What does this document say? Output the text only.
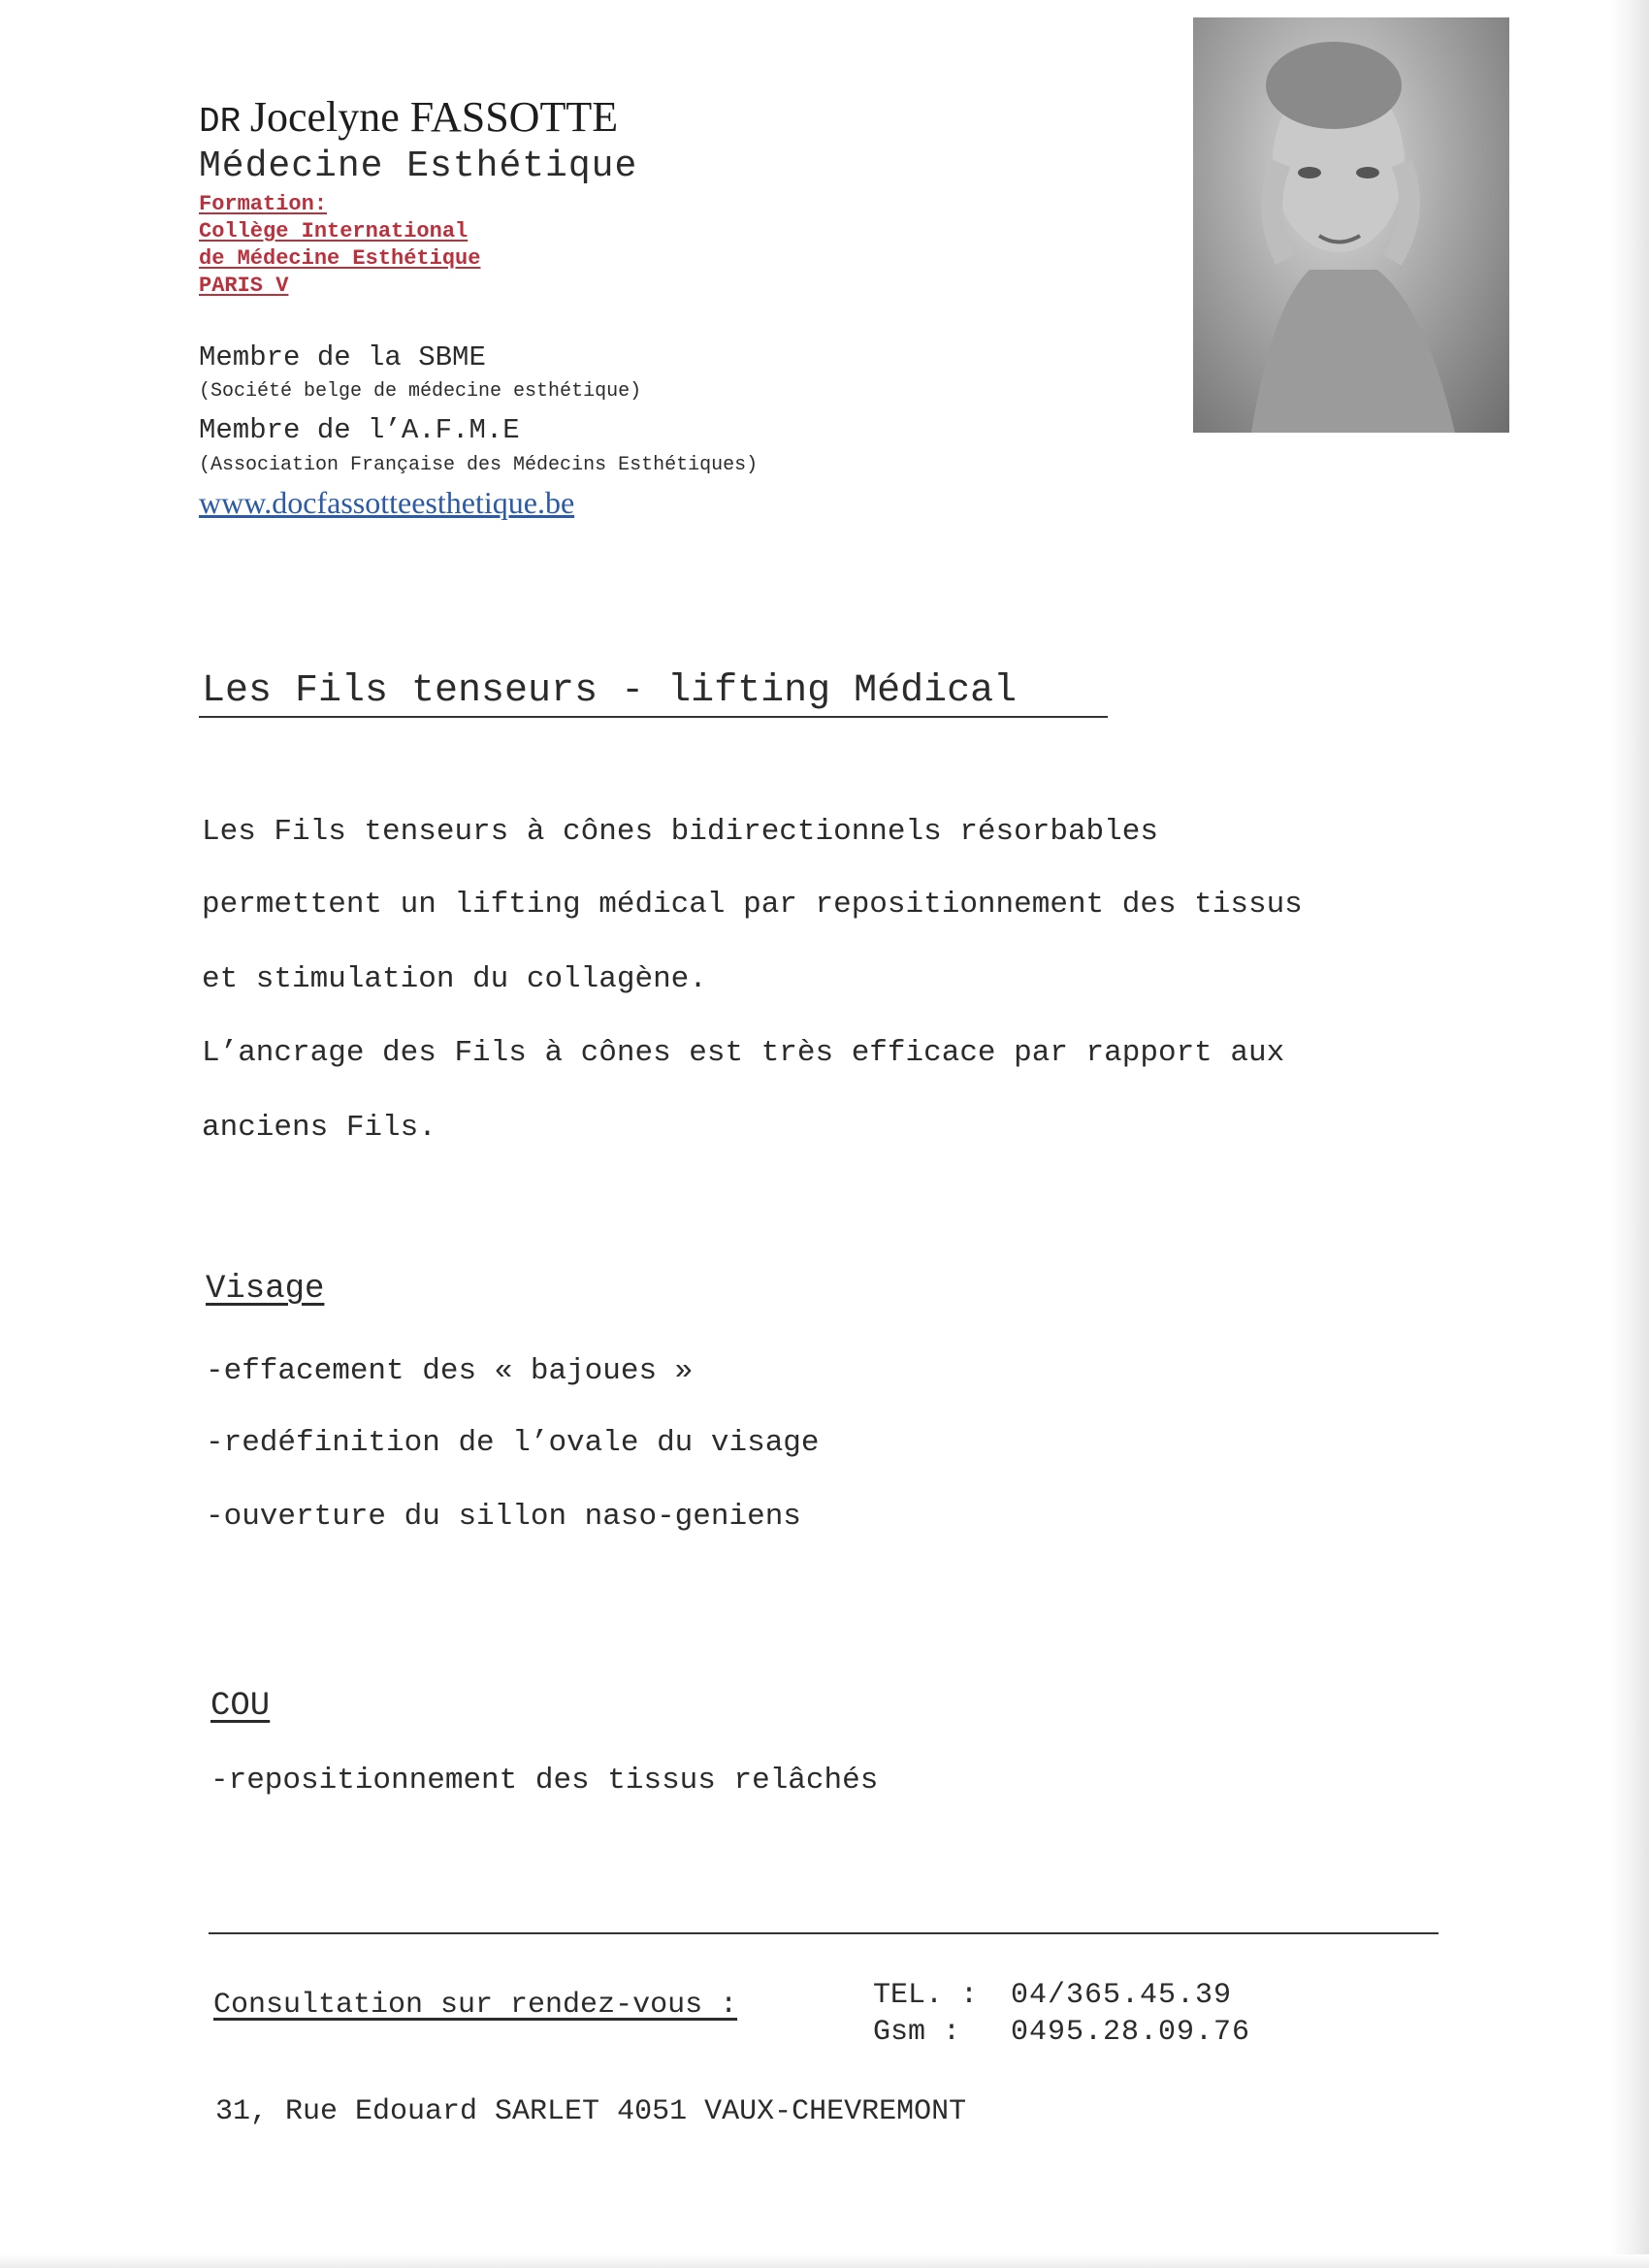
DR Jocelyne FASSOTTE
Médecine Esthétique
Formation:
Collège International
de Médecine Esthétique
PARIS V
Membre de la SBME
(Société belge de médecine esthétique)
Membre de l’A.F.M.E
(Association Française des Médecins Esthétiques)
www.docfassotteesthetique.be
Les Fils tenseurs - lifting Médical
Les Fils tenseurs à cônes bidirectionnels résorbables
permettent un lifting médical par repositionnement des tissus
et stimulation du collagène.
L’ancrage des Fils à cônes est très efficace par rapport aux
anciens Fils.
Visage
-effacement des « bajoues »
-redéfinition de l’ovale du visage
-ouverture du sillon naso-geniens
COU
-repositionnement des tissus relâchés
Consultation sur rendez-vous :	TEL. : 04/365.45.39
Gsm : 0495.28.09.76
31, Rue Edouard SARLET 4051 VAUX-CHEVREMONT
